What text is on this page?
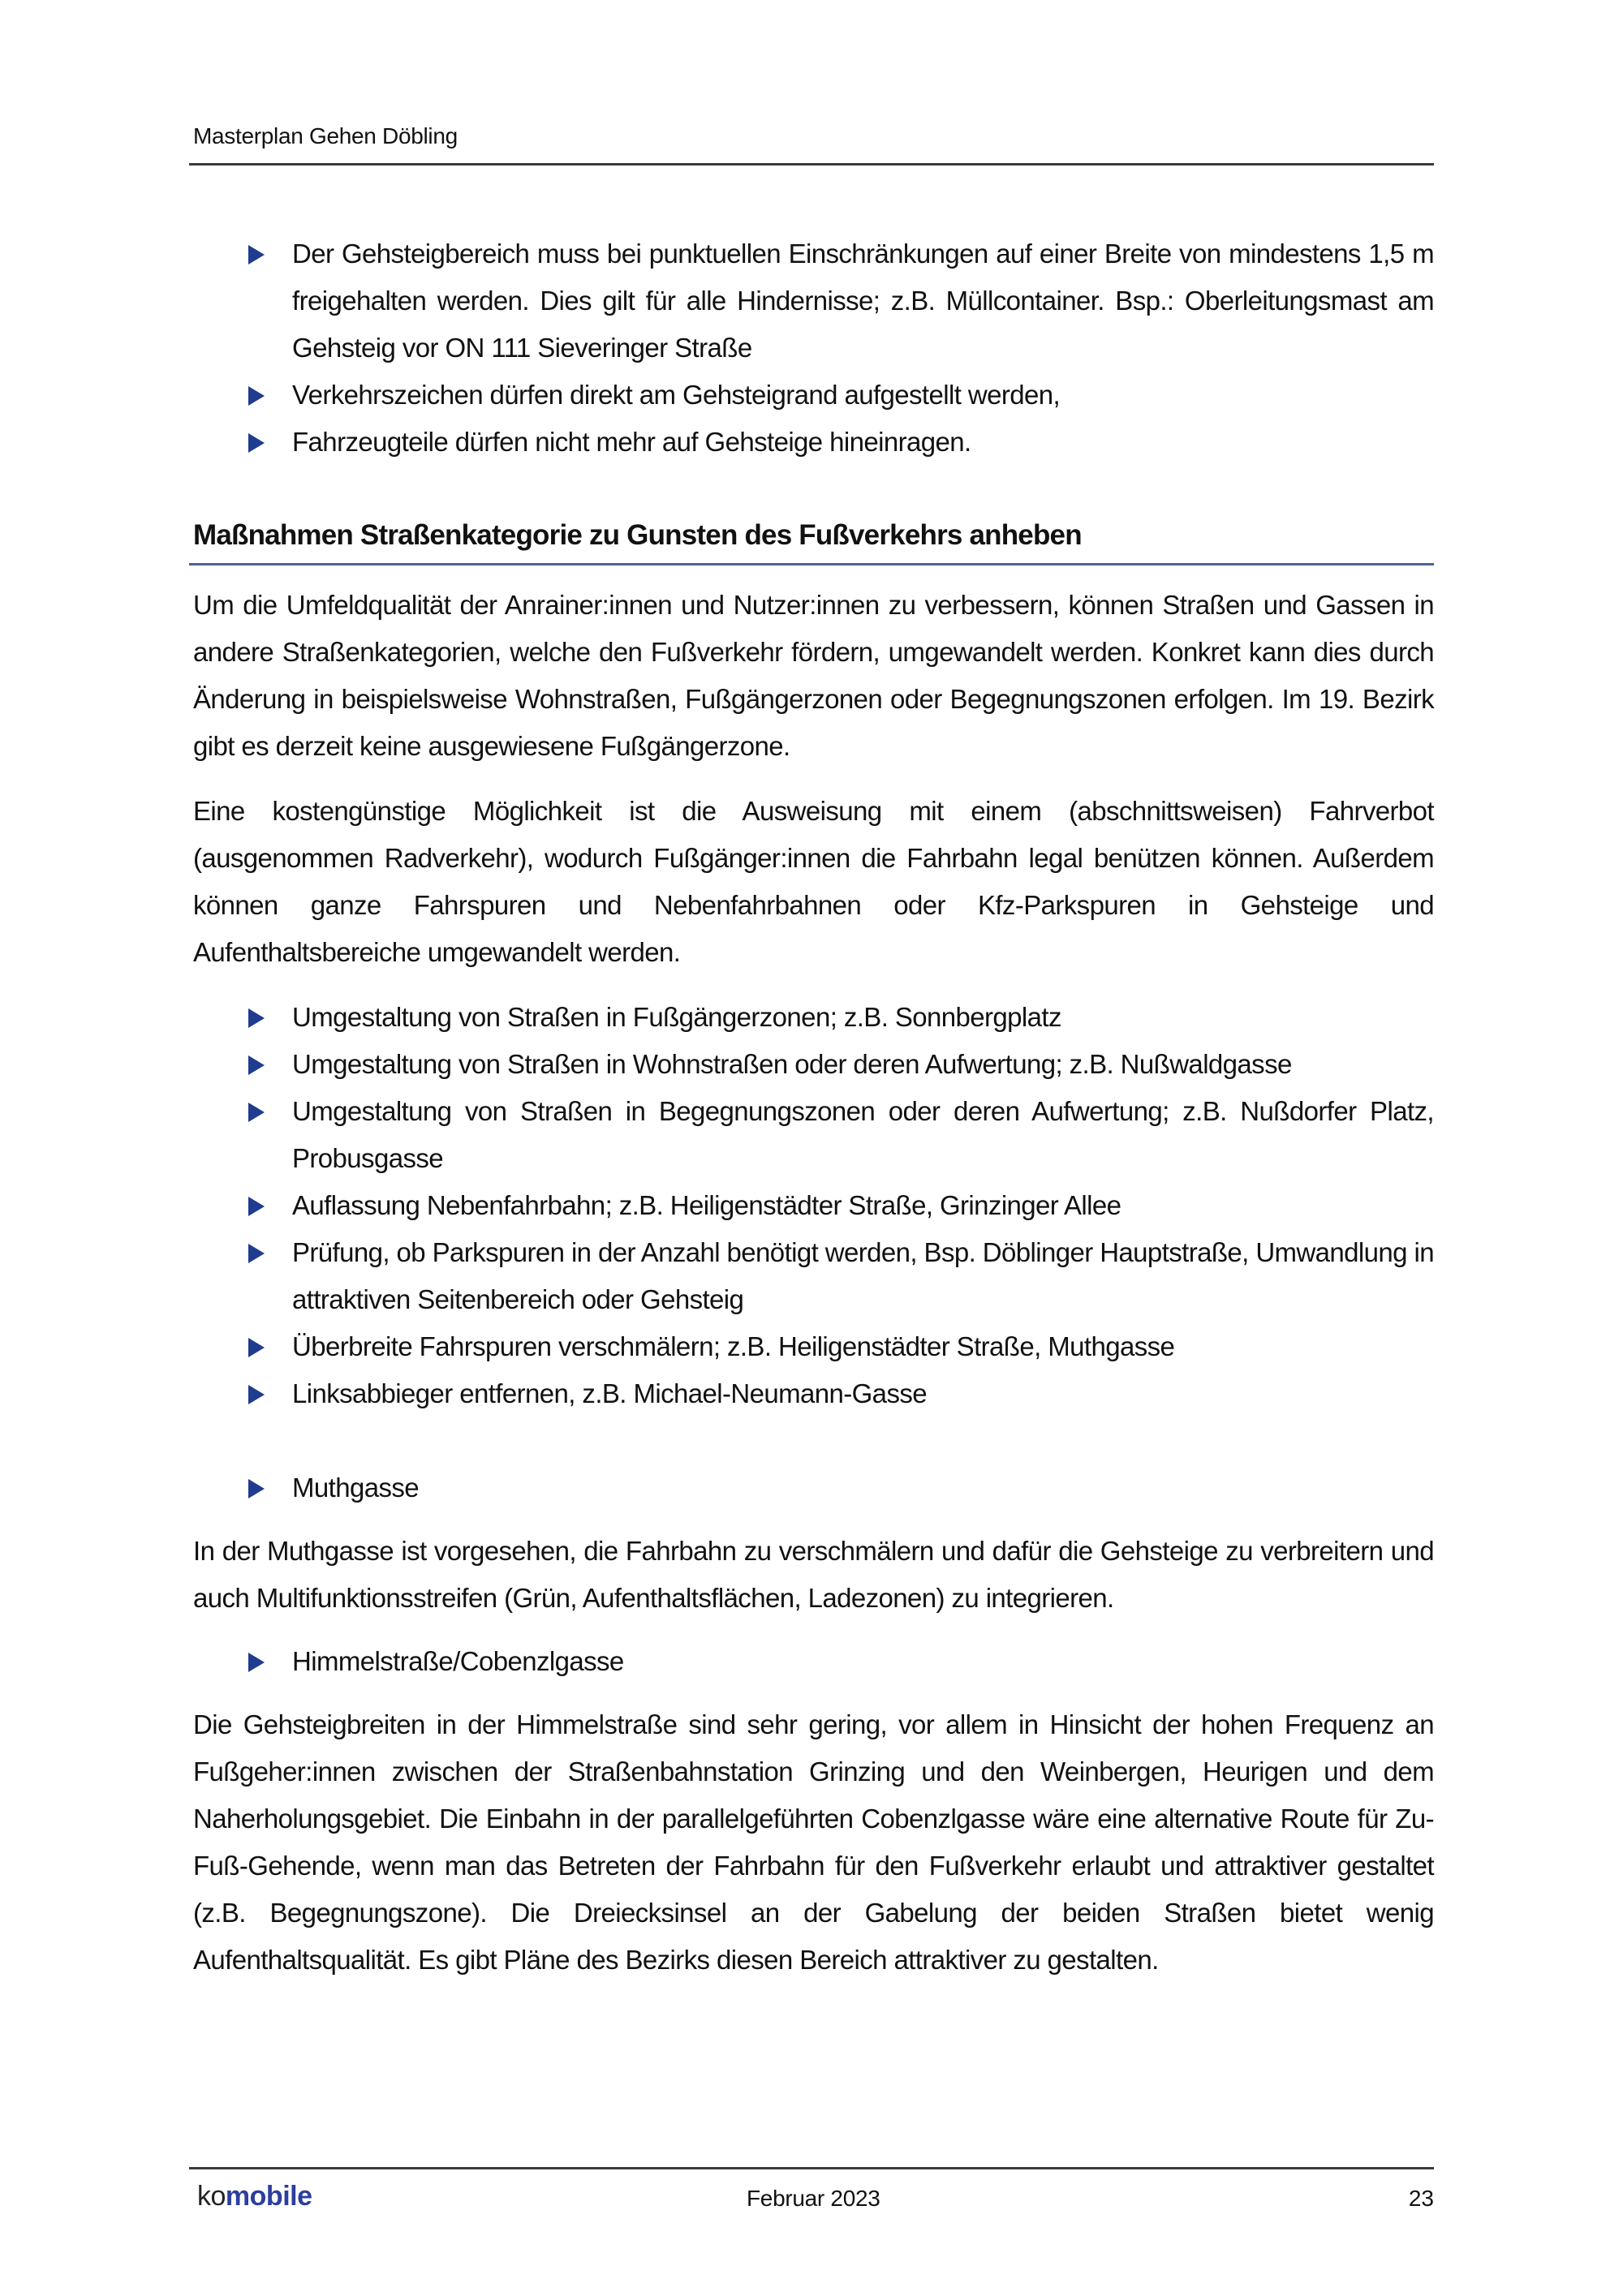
Masterplan Gehen Döbling
Der Gehsteigbereich muss bei punktuellen Einschränkungen auf einer Breite von mindestens 1,5 m freigehalten werden. Dies gilt für alle Hindernisse; z.B. Müllcontainer. Bsp.: Oberleitungsmast am Gehsteig vor ON 111 Sieveringer Straße
Verkehrszeichen dürfen direkt am Gehsteigrand aufgestellt werden,
Fahrzeugteile dürfen nicht mehr auf Gehsteige hineinragen.
Maßnahmen Straßenkategorie zu Gunsten des Fußverkehrs anheben

Um die Umfeldqualität der Anrainer:innen und Nutzer:innen zu verbessern, können Straßen und Gassen in andere Straßenkategorien, welche den Fußverkehr fördern, umgewandelt werden. Konkret kann dies durch Änderung in beispielsweise Wohnstraßen, Fußgängerzonen oder Begegnungszonen erfolgen. Im 19. Bezirk gibt es derzeit keine ausgewiesene Fußgängerzone.

Eine kostengünstige Möglichkeit ist die Ausweisung mit einem (abschnittsweisen) Fahrverbot (ausgenommen Radverkehr), wodurch Fußgänger:innen die Fahrbahn legal benützen können. Außerdem können ganze Fahrspuren und Nebenfahrbahnen oder Kfz-Parkspuren in Gehsteige und Aufenthaltsbereiche umgewandelt werden.

Umgestaltung von Straßen in Fußgängerzonen; z.B. Sonnbergplatz
Umgestaltung von Straßen in Wohnstraßen oder deren Aufwertung; z.B. Nußwaldgasse
Umgestaltung von Straßen in Begegnungszonen oder deren Aufwertung; z.B. Nußdorfer Platz, Probusgasse
Auflassung Nebenfahrbahn; z.B. Heiligenstädter Straße, Grinzinger Allee
Prüfung, ob Parkspuren in der Anzahl benötigt werden, Bsp. Döblinger Hauptstraße, Umwandlung in attraktiven Seitenbereich oder Gehsteig
Überbreite Fahrspuren verschmälern; z.B. Heiligenstädter Straße, Muthgasse
Linksabbieger entfernen, z.B. Michael-Neumann-Gasse
Muthgasse

In der Muthgasse ist vorgesehen, die Fahrbahn zu verschmälern und dafür die Gehsteige zu verbreitern und auch Multifunktionsstreifen (Grün, Aufenthaltsflächen, Ladezonen) zu integrieren.

Himmelstraße/Cobenzlgasse

Die Gehsteigbreiten in der Himmelstraße sind sehr gering, vor allem in Hinsicht der hohen Frequenz an Fußgeher:innen zwischen der Straßenbahnstation Grinzing und den Weinbergen, Heurigen und dem Naherholungsgebiet. Die Einbahn in der parallelgeführten Cobenzlgasse wäre eine alternative Route für Zu-Fuß-Gehende, wenn man das Betreten der Fahrbahn für den Fußverkehr erlaubt und attraktiver gestaltet (z.B. Begegnungszone). Die Dreiecksinsel an der Gabelung der beiden Straßen bietet wenig Aufenthaltsqualität. Es gibt Pläne des Bezirks diesen Bereich attraktiver zu gestalten.

komobile	Februar 2023	23
